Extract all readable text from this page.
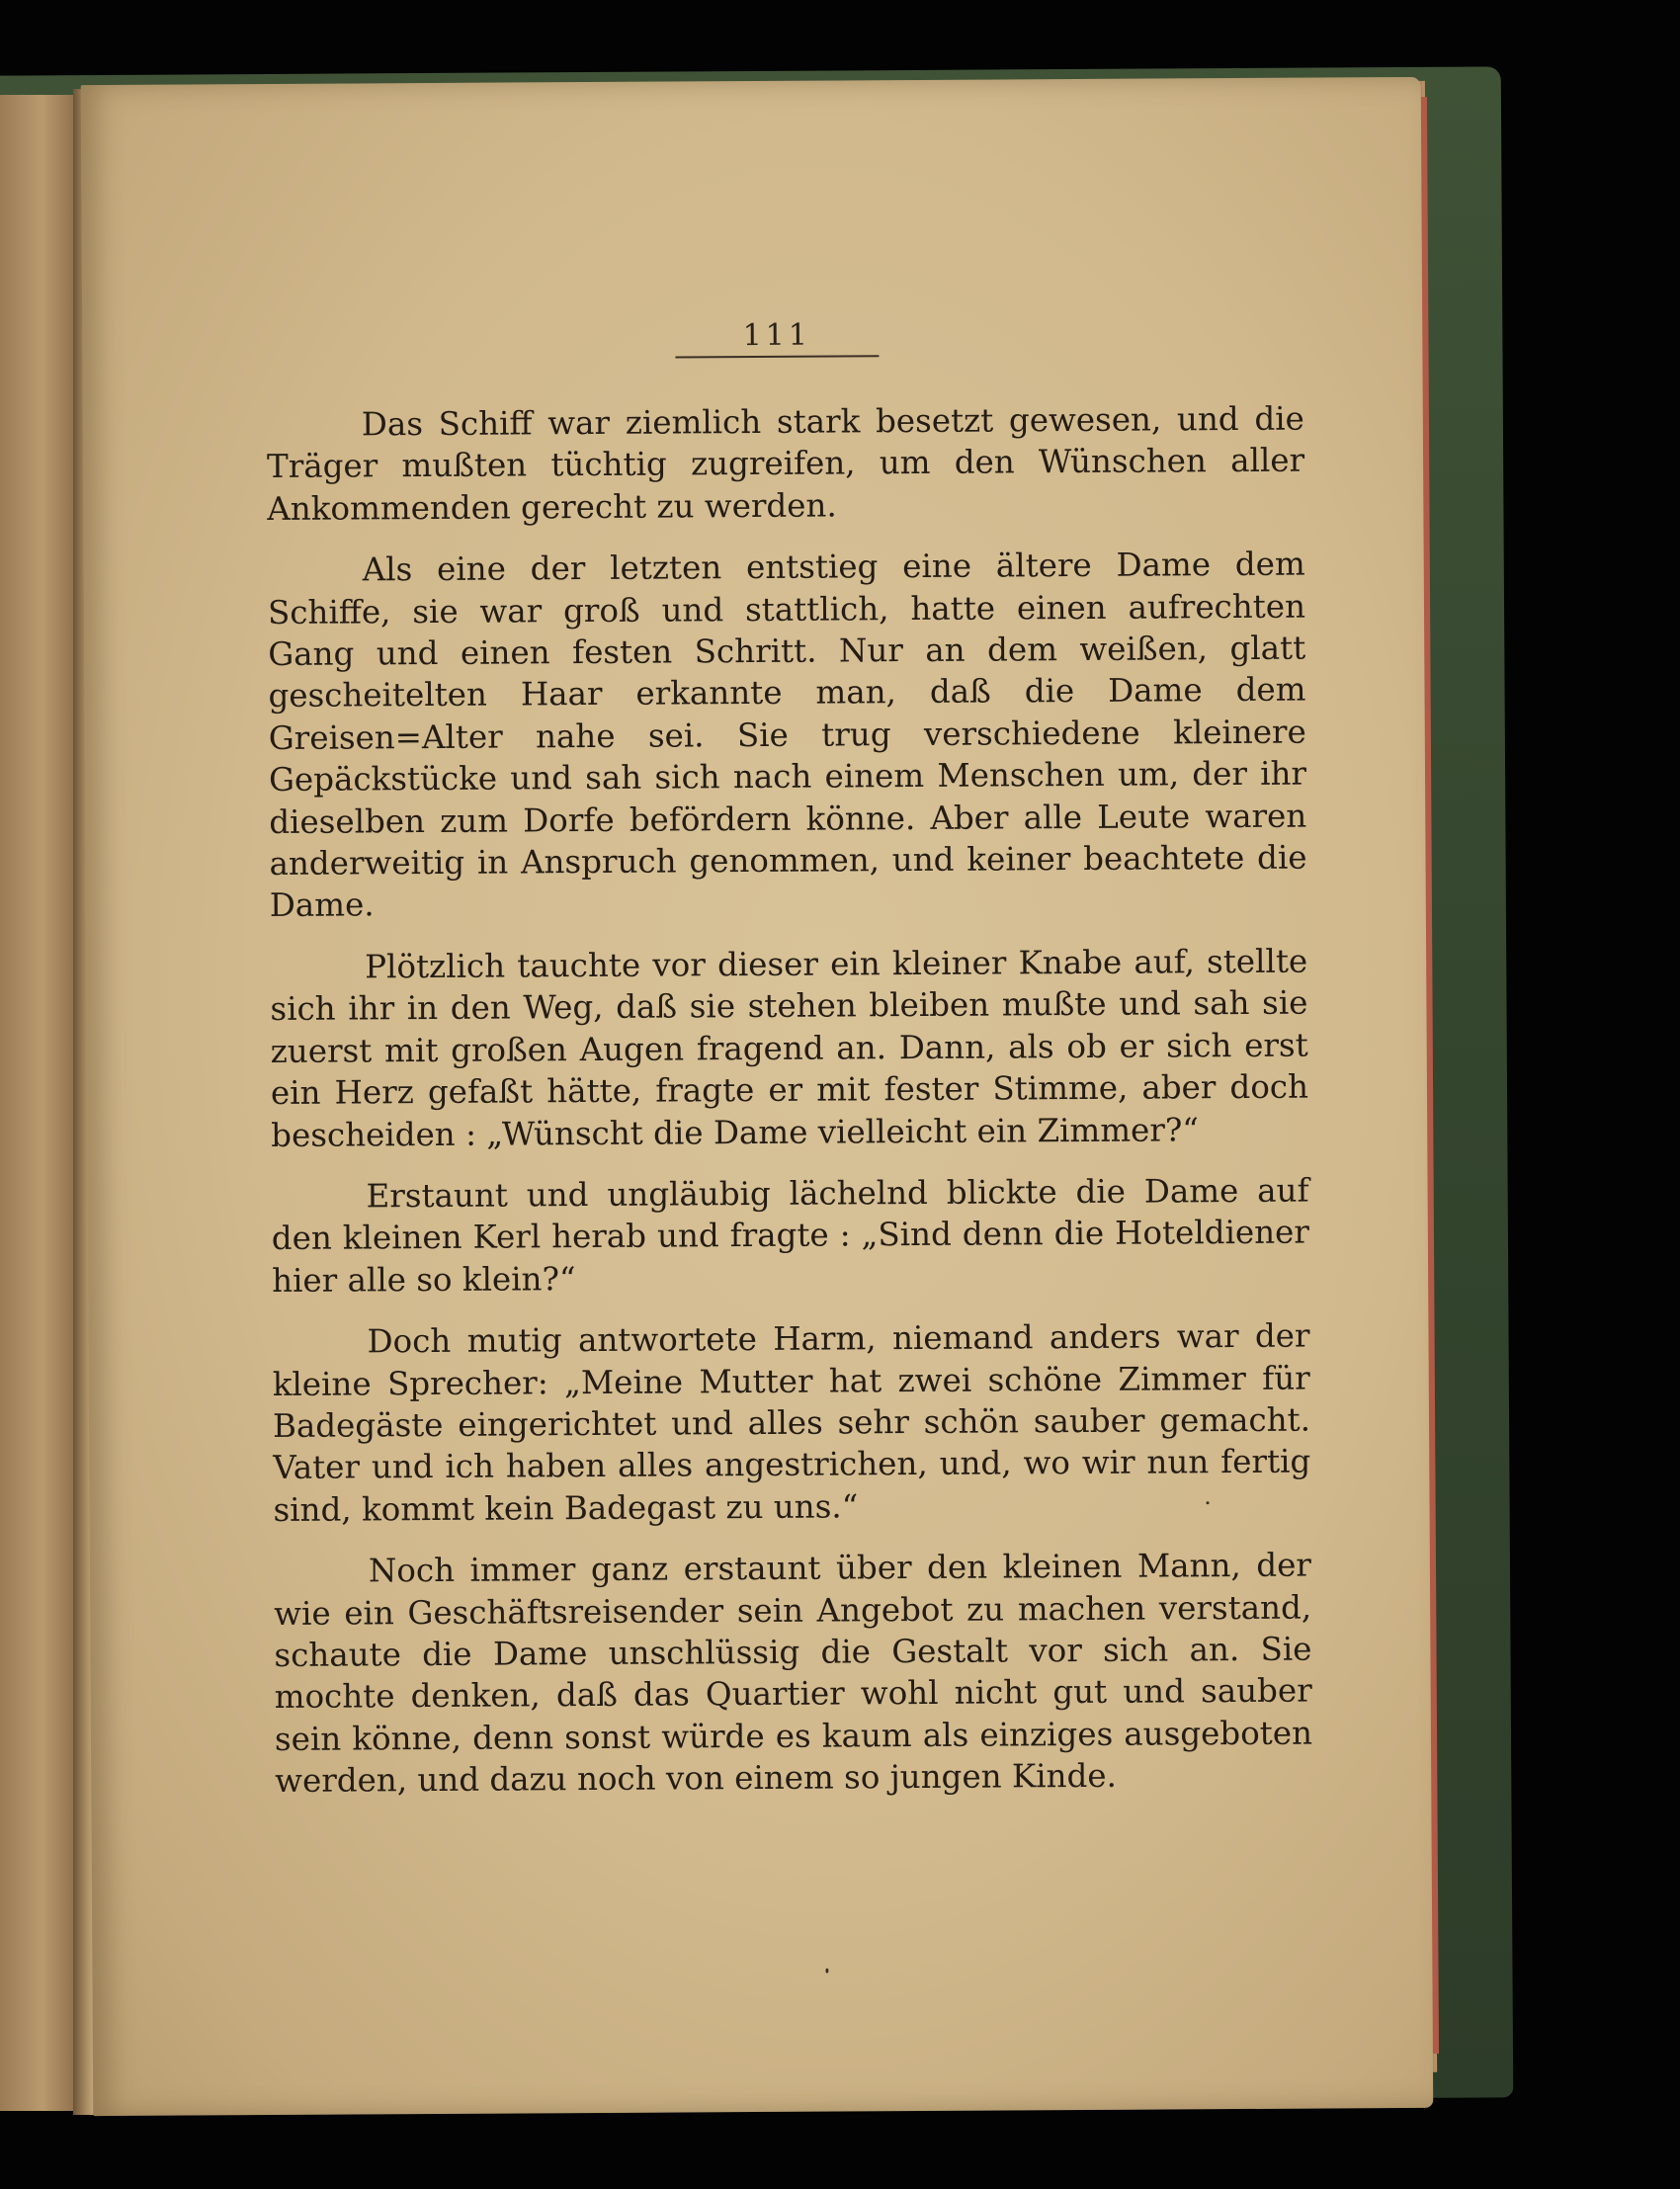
111

Das Schiff war ziemlich stark besetzt gewesen, und die Träger mußten tüchtig zugreifen, um den Wünschen aller Ankommenden gerecht zu werden.

Als eine der letzten entstieg eine ältere Dame dem Schiffe, sie war groß und stattlich, hatte einen aufrechten Gang und einen festen Schritt. Nur an dem weißen, glatt gescheitelten Haar erkannte man, daß die Dame dem Greisen=Alter nahe sei. Sie trug verschiedene kleinere Gepäckstücke und sah sich nach einem Menschen um, der ihr dieselben zum Dorfe befördern könne. Aber alle Leute waren anderweitig in Anspruch genommen, und keiner beachtete die Dame.

Plötzlich tauchte vor dieser ein kleiner Knabe auf, stellte sich ihr in den Weg, daß sie stehen bleiben mußte und sah sie zuerst mit großen Augen fragend an. Dann, als ob er sich erst ein Herz gefaßt hätte, fragte er mit fester Stimme, aber doch bescheiden : „Wünscht die Dame vielleicht ein Zimmer?“

Erstaunt und ungläubig lächelnd blickte die Dame auf den kleinen Kerl herab und fragte : „Sind denn die Hoteldiener hier alle so klein?“

Doch mutig antwortete Harm, niemand anders war der kleine Sprecher: „Meine Mutter hat zwei schöne Zimmer für Badegäste eingerichtet und alles sehr schön sauber gemacht. Vater und ich haben alles angestrichen, und, wo wir nun fertig sind, kommt kein Badegast zu uns.“

Noch immer ganz erstaunt über den kleinen Mann, der wie ein Geschäftsreisender sein Angebot zu machen verstand, schaute die Dame unschlüssig die Gestalt vor sich an. Sie mochte denken, daß das Quartier wohl nicht gut und sauber sein könne, denn sonst würde es kaum als einziges ausgeboten werden, und dazu noch von einem so jungen Kinde.
